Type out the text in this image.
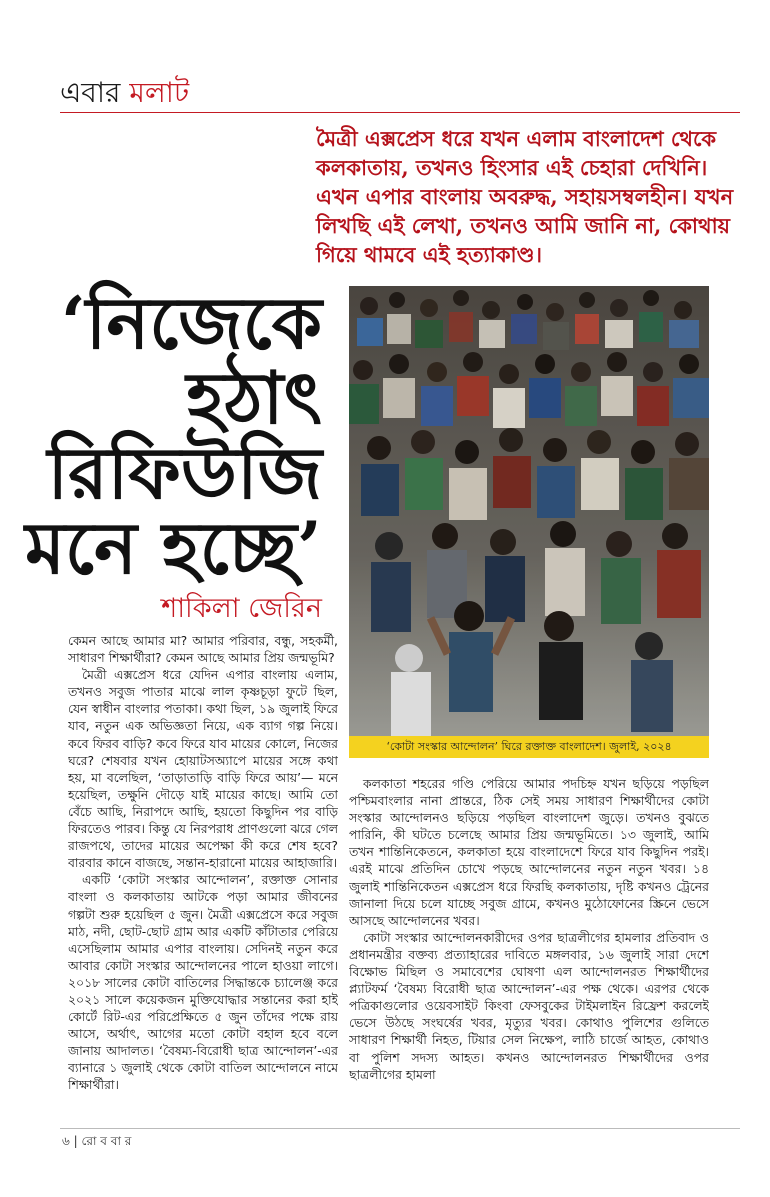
এবার মলাট
মৈত্রী এক্সপ্রেস ধরে যখন এলাম বাংলাদেশ থেকে কলকাতায়, তখনও হিংসার এই চেহারা দেখিনি। এখন এপার বাংলায় অবরুদ্ধ, সহায়সম্বলহীন। যখন লিখছি এই লেখা, তখনও আমি জানি না, কোথায় গিয়ে থামবে এই হত্যাকাণ্ড।
‘নিজেকে
হঠাৎ
রিফিউজি
মনে হচ্ছে’
শাকিলা জেরিন
‘কোটা সংস্কার আন্দোলন’ ঘিরে রক্তাক্ত বাংলাদেশ। জুলাই, ২০২৪

কেমন আছে আমার মা? আমার পরিবার, বন্ধু, সহকর্মী, সাধারণ শিক্ষার্থীরা? কেমন আছে আমার প্রিয় জন্মভূমি?

মৈত্রী এক্সপ্রেস ধরে যেদিন এপার বাংলায় এলাম, তখনও সবুজ পাতার মাঝে লাল কৃষ্ণচূড়া ফুটে ছিল, যেন স্বাধীন বাংলার পতাকা। কথা ছিল, ১৯ জুলাই ফিরে যাব, নতুন এক অভিজ্ঞতা নিয়ে, এক ব্যাগ গল্প নিয়ে। কবে ফিরব বাড়ি? কবে ফিরে যাব মায়ের কোলে, নিজের ঘরে? শেষবার যখন হোয়াটসঅ্যাপে মায়ের সঙ্গে কথা হয়, মা বলেছিল, ‘তাড়াতাড়ি বাড়ি ফিরে আয়’— মনে হয়েছিল, তক্ষুনি দৌড়ে যাই মায়ের কাছে। আমি তো বেঁচে আছি, নিরাপদে আছি, হয়তো কিছুদিন পর বাড়ি ফিরতেও পারব। কিন্তু যে নিরপরাধ প্রাণগুলো ঝরে গেল রাজপথে, তাদের মায়ের অপেক্ষা কী করে শেষ হবে? বারবার কানে বাজছে, সন্তান-হারানো মায়ের আহাজারি।

একটি ‘কোটা সংস্কার আন্দোলন’, রক্তাক্ত সোনার বাংলা ও কলকাতায় আটকে পড়া আমার জীবনের গল্পটা শুরু হয়েছিল ৫ জুন। মৈত্রী এক্সপ্রেসে করে সবুজ মাঠ, নদী, ছোট-ছোট গ্রাম আর একটি কাঁটাতার পেরিয়ে এসেছিলাম আমার এপার বাংলায়। সেদিনই নতুন করে আবার কোটা সংস্কার আন্দোলনের পালে হাওয়া লাগে। ২০১৮ সালের কোটা বাতিলের সিদ্ধান্তকে চ্যালেঞ্জ করে ২০২১ সালে কয়েকজন মুক্তিযোদ্ধার সন্তানের করা হাই কোর্টে রিট-এর পরিপ্রেক্ষিতে ৫ জুন তাঁদের পক্ষে রায় আসে, অর্থাৎ, আগের মতো কোটা বহাল হবে বলে জানায় আদালত। ‘বৈষম্য-বিরোধী ছাত্র আন্দোলন’-এর ব্যানারে ১ জুলাই থেকে কোটা বাতিল আন্দোলনে নামে শিক্ষার্থীরা।

কলকাতা শহরের গণ্ডি পেরিয়ে আমার পদচিহ্ন যখন ছড়িয়ে পড়ছিল পশ্চিমবাংলার নানা প্রান্তরে, ঠিক সেই সময় সাধারণ শিক্ষার্থীদের কোটা সংস্কার আন্দোলনও ছড়িয়ে পড়ছিল বাংলাদেশ জুড়ে। তখনও বুঝতে পারিনি, কী ঘটতে চলেছে আমার প্রিয় জন্মভূমিতে। ১৩ জুলাই, আমি তখন শান্তিনিকেতনে, কলকাতা হয়ে বাংলাদেশে ফিরে যাব কিছুদিন পরই। এরই মাঝে প্রতিদিন চোখে পড়ছে আন্দোলনের নতুন নতুন খবর। ১৪ জুলাই শান্তিনিকেতন এক্সপ্রেস ধরে ফিরছি কলকাতায়, দৃষ্টি কখনও ট্রেনের জানালা দিয়ে চলে যাচ্ছে সবুজ গ্রামে, কখনও মুঠোফোনের স্ক্রিনে ভেসে আসছে আন্দোলনের খবর।

কোটা সংস্কার আন্দোলনকারীদের ওপর ছাত্রলীগের হামলার প্রতিবাদ ও প্রধানমন্ত্রীর বক্তব্য প্রত্যাহারের দাবিতে মঙ্গলবার, ১৬ জুলাই সারা দেশে বিক্ষোভ মিছিল ও সমাবেশের ঘোষণা এল আন্দোলনরত শিক্ষার্থীদের প্ল্যাটফর্ম ‘বৈষম্য বিরোধী ছাত্র আন্দোলন’-এর পক্ষ থেকে। এরপর থেকে পত্রিকাগুলোর ওয়েবসাইট কিংবা ফেসবুকের টাইমলাইন রিফ্রেশ করলেই ভেসে উঠছে সংঘর্ষের খবর, মৃত্যুর খবর। কোথাও পুলিশের গুলিতে সাধারণ শিক্ষার্থী নিহত, টিয়ার সেল নিক্ষেপ, লাঠি চার্জে আহত, কোথাও বা পুলিশ সদস্য আহত। কখনও আন্দোলনরত শিক্ষার্থীদের ওপর ছাত্রলীগের হামলা

৬ | রো ব বা র
